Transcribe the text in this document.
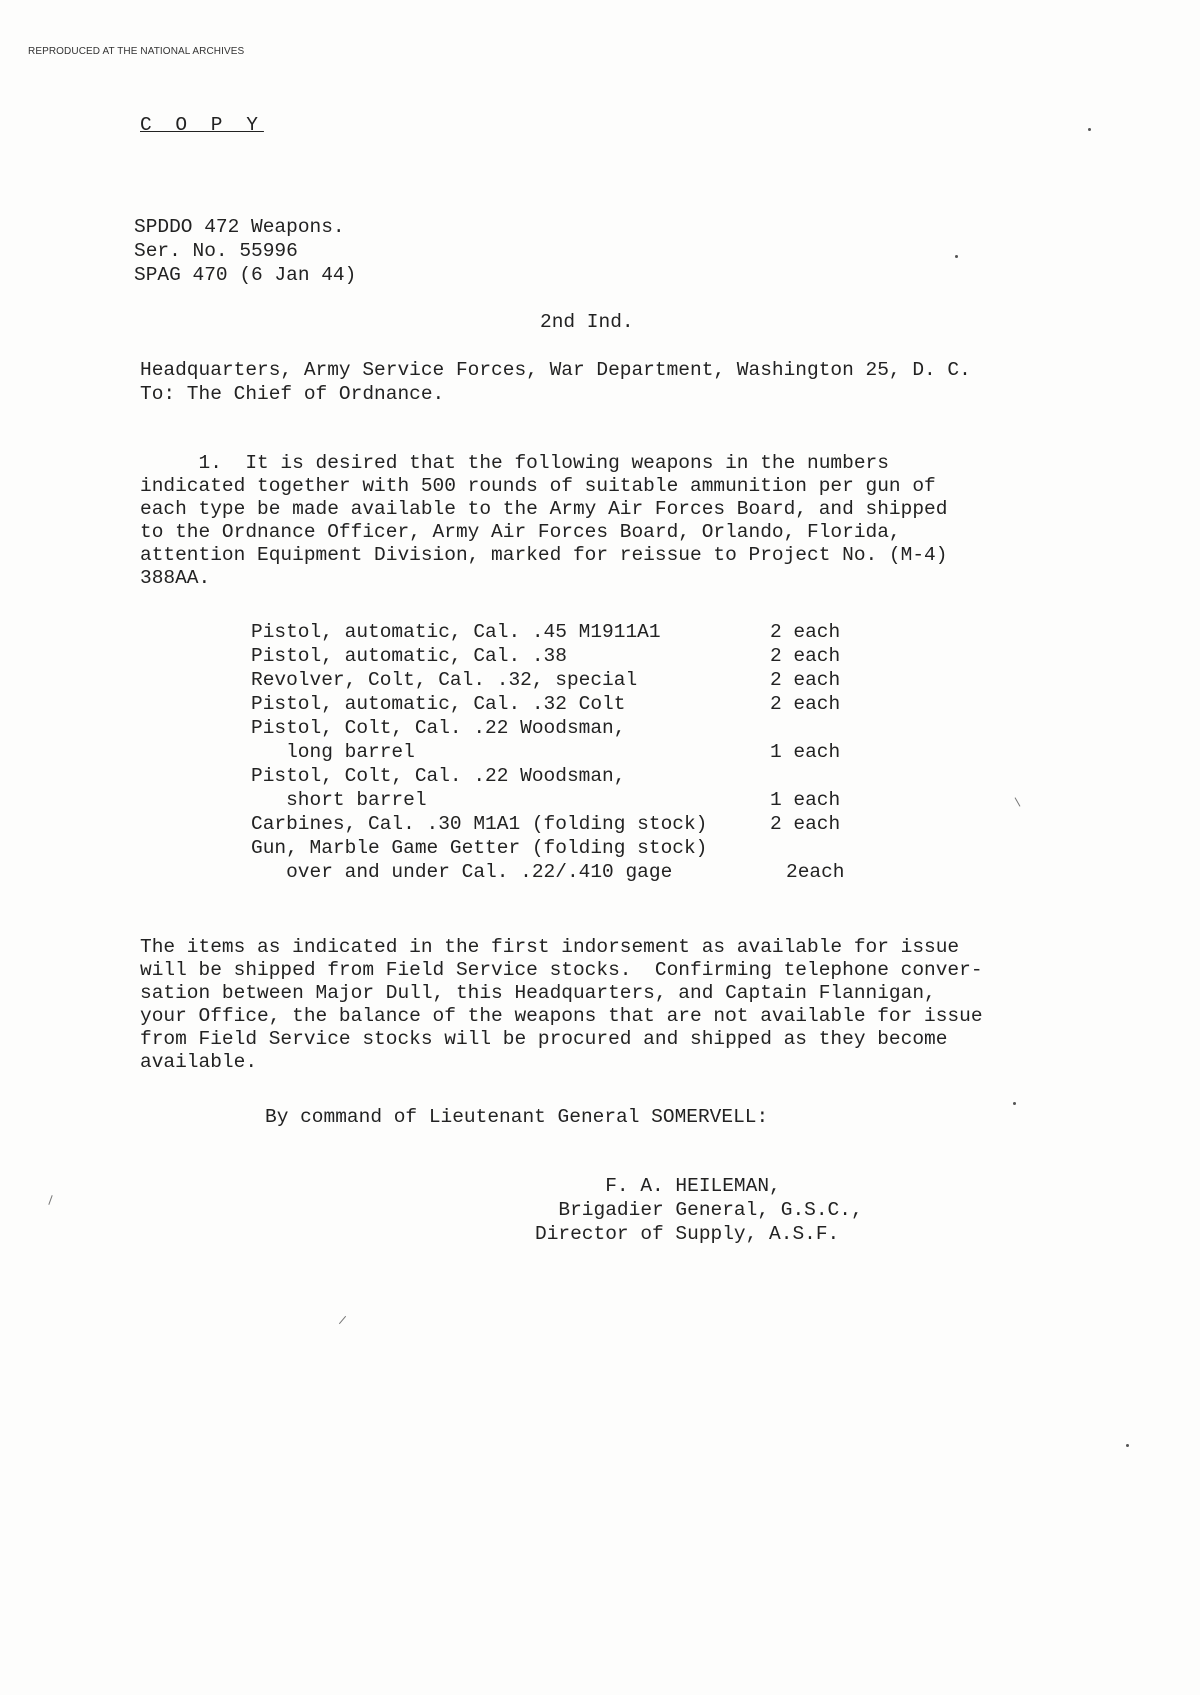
REPRODUCED AT THE NATIONAL ARCHIVES
C O P Y
SPDDO 472 Weapons.
Ser. No. 55996
SPAG 470 (6 Jan 44)
2nd Ind.
Headquarters, Army Service Forces, War Department, Washington 25, D. C.
To: The Chief of Ordnance.
1.  It is desired that the following weapons in the numbers
indicated together with 500 rounds of suitable ammunition per gun of
each type be made available to the Army Air Forces Board, and shipped
to the Ordnance Officer, Army Air Forces Board, Orlando, Florida,
attention Equipment Division, marked for reissue to Project No. (M-4)
388AA.
Pistol, automatic, Cal. .45 M1911A1	2 each
Pistol, automatic, Cal. .38	2 each
Revolver, Colt, Cal. .32, special	2 each
Pistol, automatic, Cal. .32 Colt	2 each
Pistol, Colt, Cal. .22 Woodsman,
long barrel	1 each
Pistol, Colt, Cal. .22 Woodsman,
short barrel	1 each
Carbines, Cal. .30 M1A1 (folding stock)	2 each
Gun, Marble Game Getter (folding stock)
over and under Cal. .22/.410 gage	2each
The items as indicated in the first indorsement as available for issue
will be shipped from Field Service stocks.  Confirming telephone conver-
sation between Major Dull, this Headquarters, and Captain Flannigan,
your Office, the balance of the weapons that are not available for issue
from Field Service stocks will be procured and shipped as they become
available.
By command of Lieutenant General SOMERVELL:
F. A. HEILEMAN,
Brigadier General, G.S.C.,
Director of Supply, A.S.F.
